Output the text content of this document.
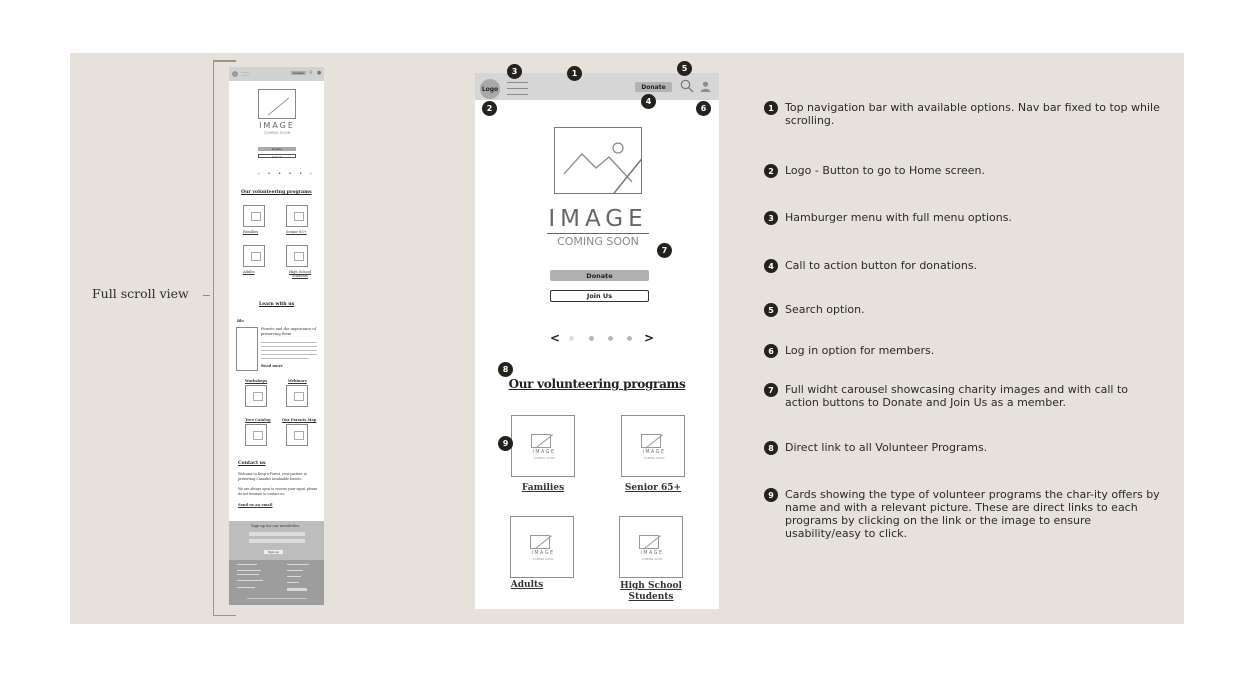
Full scroll view
Donate	⚲ ●
IMAGE
COMING SOON
Donate
Join Us
‹ • • • • ›
Our volunteering programs
Families	Senior 65+
Adults	High School Students
Learn with us
Blo
Forests and the importance of preserving them
Read more
Workshops	Webinars
Tree Catalog	Our Parents Map
Contact us
Welcome to Keep a Forest, your partner in preserving Canada's invaluable forests.
We are always open to receive your input, please do not hesitate to contact us.
Send us an email
Sign up for our newsletter
Sign up
Logo	Donate
IMAGE
COMING SOON
Donate
Join Us
<	>
Our volunteering programs
IMAGE
COMING SOON
Families
IMAGE
COMING SOON
Senior 65+
IMAGE
COMING SOON
Adults
IMAGE
COMING SOON
High School Students
3	1
5
2
4
6
7
8
9
1	Top navigation bar with available options. Nav bar fixed to top while scrolling.
2	Logo - Button to go to Home screen.
3	Hamburger menu with full menu options.
4	Call to action button for donations.
5	Search option.
6	Log in option for members.
7	Full widht carousel showcasing charity images and with call to action buttons to Donate and Join Us as a member.
8	Direct link to all Volunteer Programs.
9	Cards showing the type of volunteer programs the char-ity offers by name and with a relevant picture. These are direct links to each programs by clicking on the link or the image to ensure usability/easy to click.
